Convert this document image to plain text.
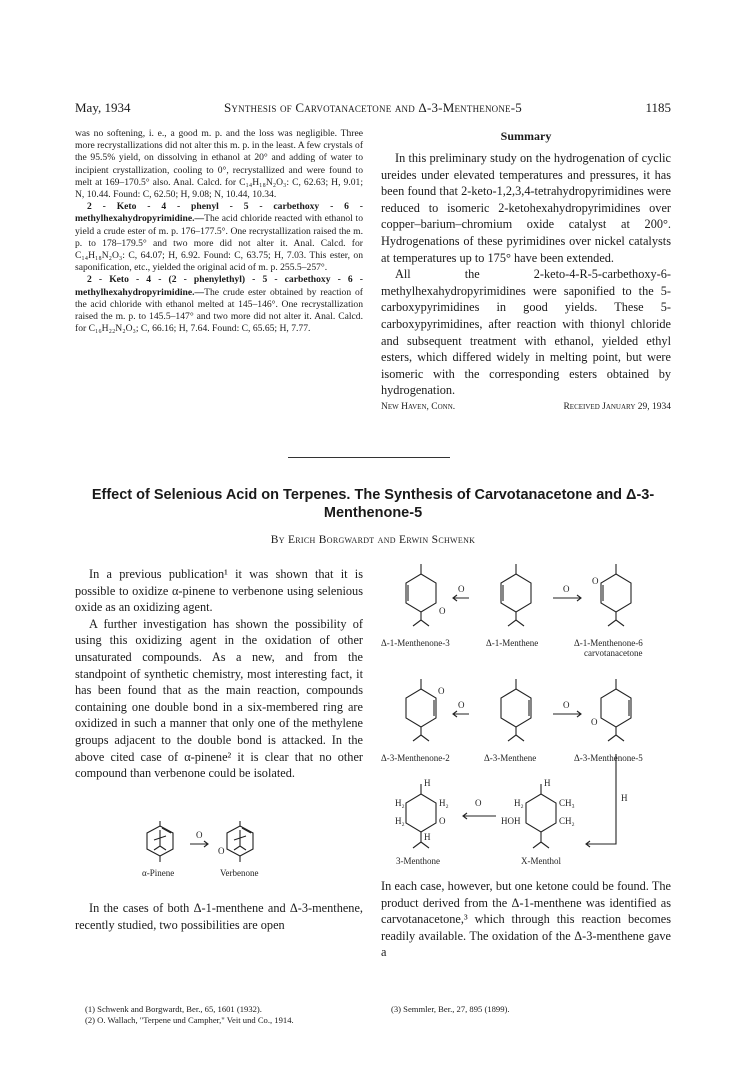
May, 1934	Synthesis of Carvotanacetone and Δ-3-Menthenone-5	1185

was no softening, i. e., a good m. p. and the loss was negligible. Three more recrystallizations did not alter this m. p. in the least. A few crystals of the 95.5% yield, on dissolving in ethanol at 20° and adding of water to incipient crystallization, cooling to 0°, recrystallized and were found to melt at 169–170.5° also. Anal. Calcd. for C₁₄H₁₈N₂O₃: C, 62.63; H, 9.01; N, 10.44. Found: C, 62.50; H, 9.08; N, 10.44, 10.34.

2 - Keto - 4 - phenyl - 5 - carbethoxy - 6 - methylhexahydropyrimidine.—The acid chloride reacted with ethanol to yield a crude ester of m. p. 176–177.5°. One recrystallization raised the m. p. to 178–179.5° and two more did not alter it. Anal. Calcd. for C₁₄H₁₈N₂O₃: C, 64.07; H, 6.92. Found: C, 63.75; H, 7.03. This ester, on saponification, etc., yielded the original acid of m. p. 255.5–257°.

2 - Keto - 4 - (2 - phenylethyl) - 5 - carbethoxy - 6 - methylhexahydropyrimidine.—The crude ester obtained by reaction of the acid chloride with ethanol melted at 145–146°. One recrystallization raised the m. p. to 145.5–147° and two more did not alter it. Anal. Calcd. for C₁₆H₂₂N₂O₃; C, 66.16; H, 7.64. Found: C, 65.65; H, 7.77.

Summary

In this preliminary study on the hydrogenation of cyclic ureides under elevated temperatures and pressures, it has been found that 2-keto-1,2,3,4-tetrahydropyrimidines were reduced to isomeric 2-ketohexahydropyrimidines over copper–barium–chromium oxide catalyst at 200°. Hydrogenations of these pyrimidines over nickel catalysts at temperatures up to 175° have been extended.

All the 2-keto-4-R-5-carbethoxy-6-methylhexahydropyrimidines were saponified to the 5-carboxypyrimidines in good yields. These 5-carboxypyrimidines, after reaction with thionyl chloride and subsequent treatment with ethanol, yielded ethyl esters, which differed widely in melting point, but were isomeric with the corresponding esters obtained by hydrogenation.

New Haven, Conn.	Received January 29, 1934
Effect of Selenious Acid on Terpenes. The Synthesis of Carvotanacetone and Δ-3-
Menthenone-5
By Erich Borgwardt and Erwin Schwenk

In a previous publication¹ it was shown that it is possible to oxidize α-pinene to verbenone using selenious oxide as an oxidizing agent.

A further investigation has shown the possibility of using this oxidizing agent in the oxidation of other unsaturated compounds. As a new, and from the standpoint of synthetic chemistry, most interesting fact, it has been found that as the main reaction, compounds containing one double bond in a six-membered ring are oxidized in such a manner that only one of the methylene groups adjacent to the double bond is attacked. In the above cited case of α-pinene² it is clear that no other compound than verbenone could be isolated.

O
O
α-Pinene	Verbenone

In the cases of both Δ-1-menthene and Δ-3-menthene, recently studied, two possibilities are open

(1) Schwenk and Borgwardt, Ber., 65, 1601 (1932).
(2) O. Wallach, "Terpene und Campher," Veit und Co., 1914.
O
O	O
O
Δ-1-Menthenone-3	Δ-1-Menthene	Δ-1-Menthenone-6
carvotanacetone
O
O	O
O
Δ-3-Menthenone-2	Δ-3-Menthene	Δ-3-Menthenone-5
H
H
H₂	H₂
H₂	O
H
O
H
H₂	CH₃
HOH	CH₂
3-Menthone	X-Menthol

In each case, however, but one ketone could be found. The product derived from the Δ-1-menthene was identified as carvotanacetone,³ which through this reaction becomes readily available. The oxidation of the Δ-3-menthene gave a

(3) Semmler, Ber., 27, 895 (1899).
